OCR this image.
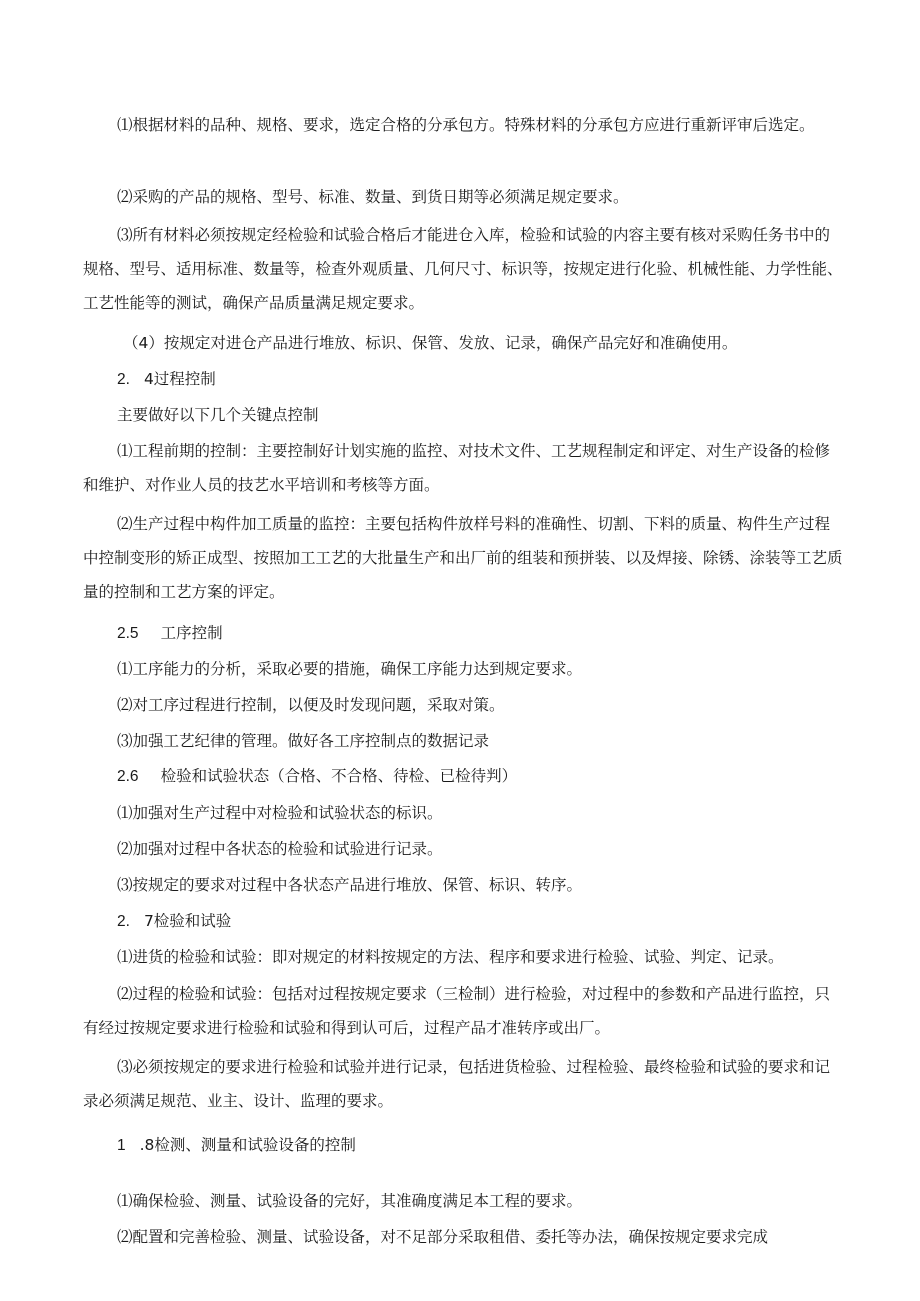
⑴根据材料的品种、规格、要求，选定合格的分承包方。特殊材料的分承包方应进行重新评审后选定。

⑵采购的产品的规格、型号、标准、数量、到货日期等必须满足规定要求。

⑶所有材料必须按规定经检验和试验合格后才能进仓入库，检验和试验的内容主要有核对采购任务书中的规格、型号、适用标准、数量等，检查外观质量、几何尺寸、标识等，按规定进行化验、机械性能、力学性能、工艺性能等的测试，确保产品质量满足规定要求。

（4）按规定对进仓产品进行堆放、标识、保管、发放、记录，确保产品完好和准确使用。

2. 4过程控制

主要做好以下几个关键点控制

⑴工程前期的控制：主要控制好计划实施的监控、对技术文件、工艺规程制定和评定、对生产设备的检修和维护、对作业人员的技艺水平培训和考核等方面。

⑵生产过程中构件加工质量的监控：主要包括构件放样号料的准确性、切割、下料的质量、构件生产过程中控制变形的矫正成型、按照加工工艺的大批量生产和出厂前的组装和预拼装、以及焊接、除锈、涂装等工艺质量的控制和工艺方案的评定。

2.5 工序控制

⑴工序能力的分析，采取必要的措施，确保工序能力达到规定要求。

⑵对工序过程进行控制，以便及时发现问题，采取对策。

⑶加强工艺纪律的管理。做好各工序控制点的数据记录

2.6 检验和试验状态（合格、不合格、待检、已检待判）

⑴加强对生产过程中对检验和试验状态的标识。

⑵加强对过程中各状态的检验和试验进行记录。

⑶按规定的要求对过程中各状态产品进行堆放、保管、标识、转序。

2. 7检验和试验

⑴进货的检验和试验：即对规定的材料按规定的方法、程序和要求进行检验、试验、判定、记录。

⑵过程的检验和试验：包括对过程按规定要求（三检制）进行检验，对过程中的参数和产品进行监控，只有经过按规定要求进行检验和试验和得到认可后，过程产品才准转序或出厂。

⑶必须按规定的要求进行检验和试验并进行记录，包括进货检验、过程检验、最终检验和试验的要求和记录必须满足规范、业主、设计、监理的要求。

1 .8检测、测量和试验设备的控制

⑴确保检验、测量、试验设备的完好，其准确度满足本工程的要求。

⑵配置和完善检验、测量、试验设备，对不足部分采取租借、委托等办法，确保按规定要求完成
